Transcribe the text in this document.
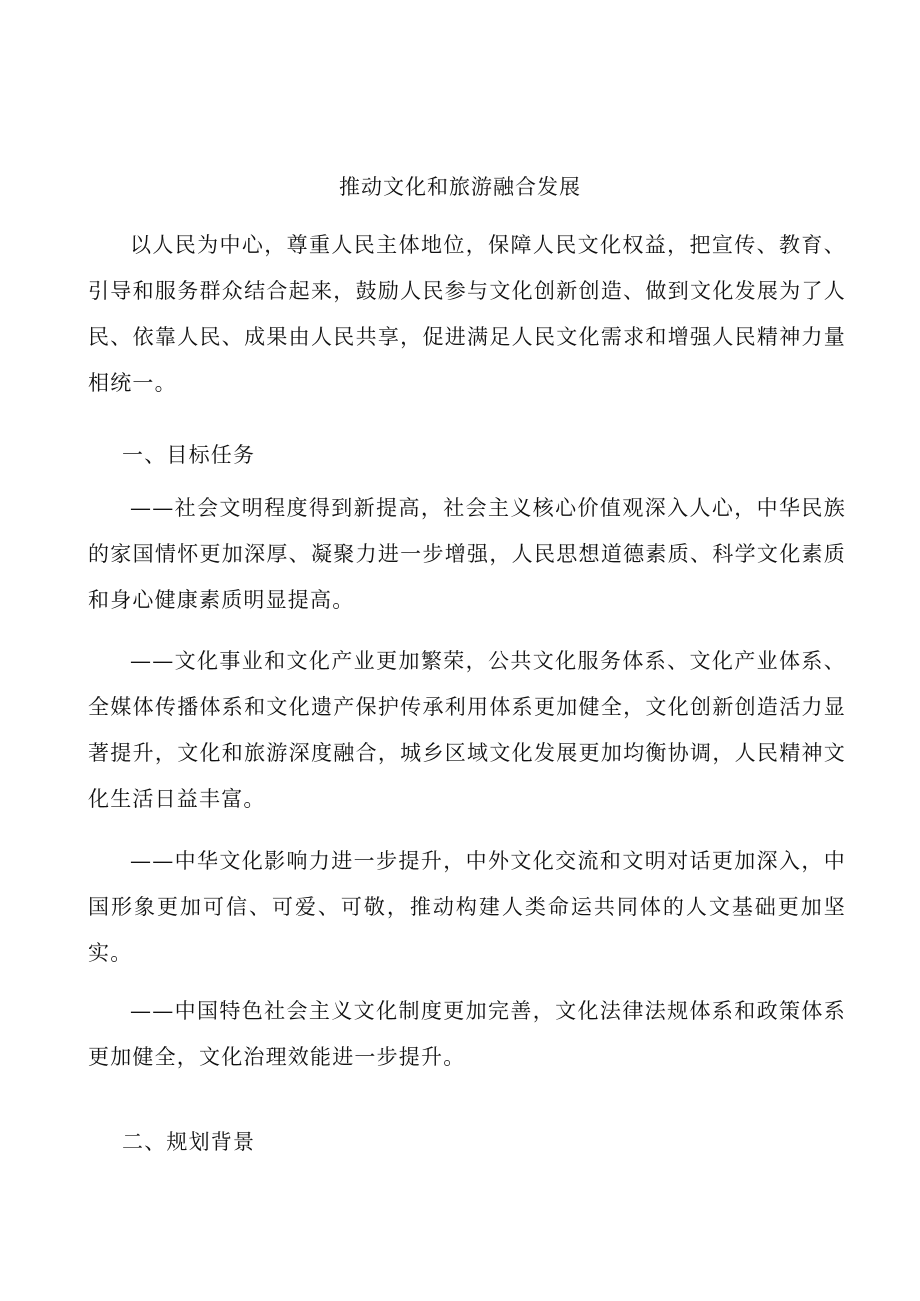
推动文化和旅游融合发展

以人民为中心，尊重人民主体地位，保障人民文化权益，把宣传、教育、引导和服务群众结合起来，鼓励人民参与文化创新创造、做到文化发展为了人民、依靠人民、成果由人民共享，促进满足人民文化需求和增强人民精神力量相统一。

一、目标任务

——社会文明程度得到新提高，社会主义核心价值观深入人心，中华民族的家国情怀更加深厚、凝聚力进一步增强，人民思想道德素质、科学文化素质和身心健康素质明显提高。

——文化事业和文化产业更加繁荣，公共文化服务体系、文化产业体系、全媒体传播体系和文化遗产保护传承利用体系更加健全，文化创新创造活力显著提升，文化和旅游深度融合，城乡区域文化发展更加均衡协调，人民精神文化生活日益丰富。

——中华文化影响力进一步提升，中外文化交流和文明对话更加深入，中国形象更加可信、可爱、可敬，推动构建人类命运共同体的人文基础更加坚实。

——中国特色社会主义文化制度更加完善，文化法律法规体系和政策体系更加健全，文化治理效能进一步提升。

二、规划背景
